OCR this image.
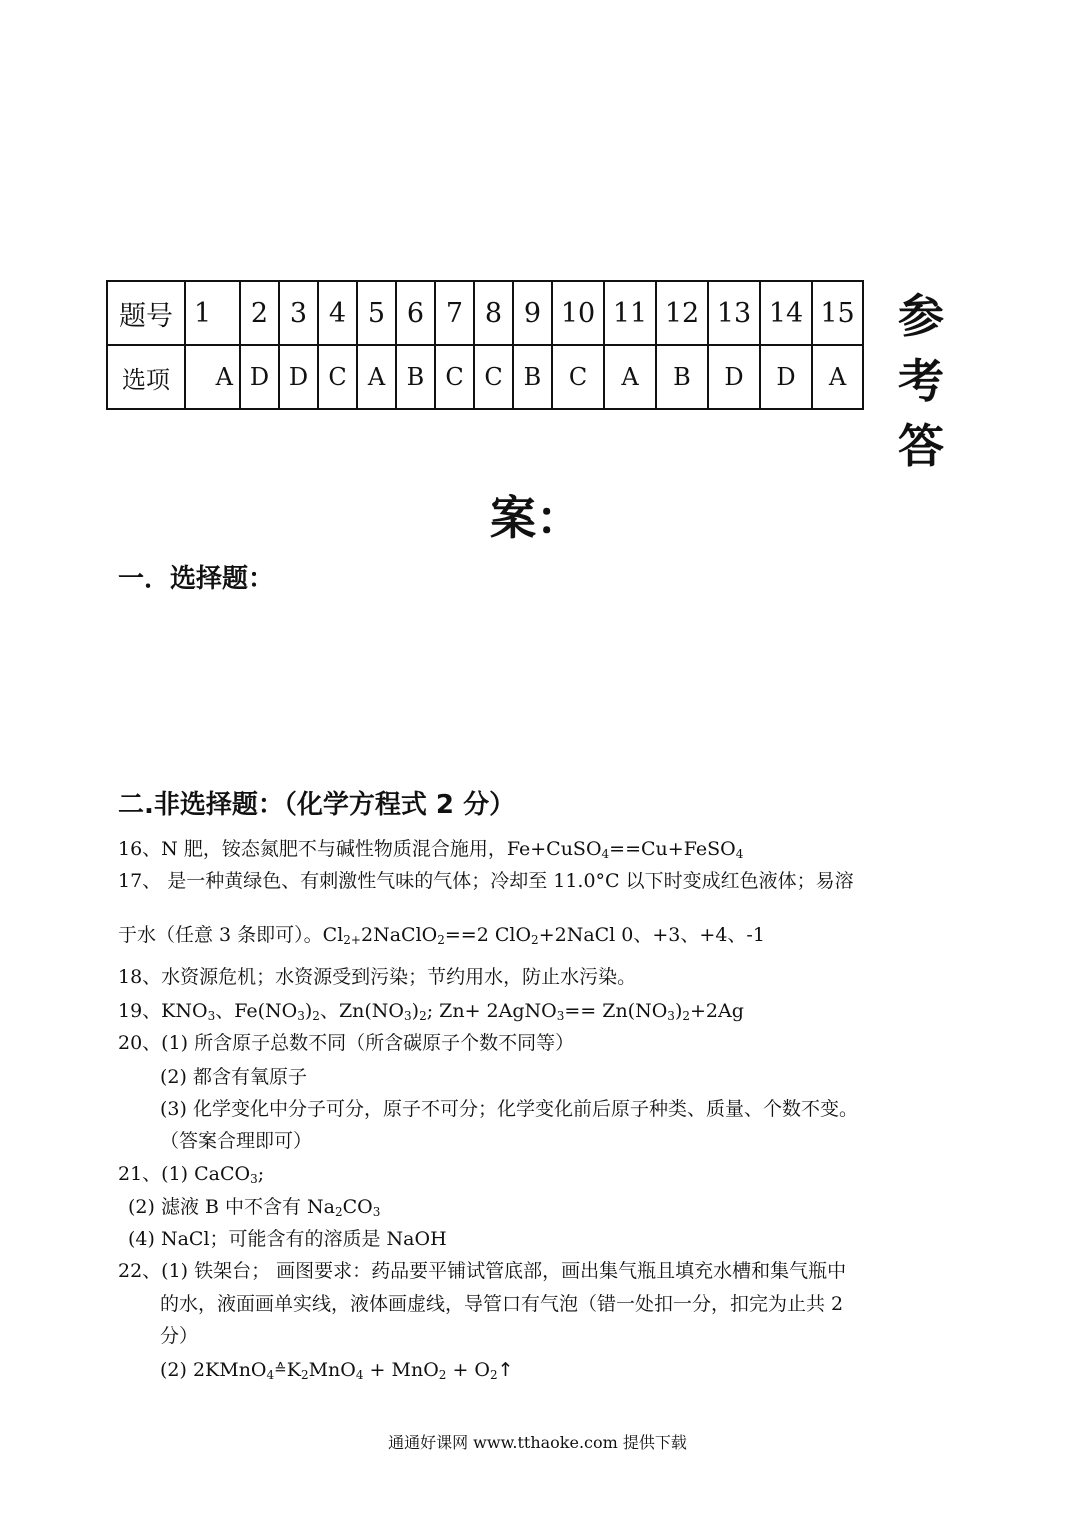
题号	1	2	3	4	5	6	7	8	9	10	11	12	13	14	15
选项	A	D	D	C	A	B	C	C	B	C	A	B	D	D	A
参
考
答
案：
一．选择题：
二.非选择题：（化学方程式 2 分）
16、N 肥，铵态氮肥不与碱性物质混合施用，Fe+CuSO$_4$==Cu+FeSO$_4$
17、 是一种黄绿色、有刺激性气味的气体；冷却至 11.0°C 以下时变成红色液体；易溶
于水（任意 3 条即可）。$Cl_{2+}2NaClO_2==2$ ClO$_2$+2NaCl 0、+3、+4、-1
18、水资源危机；水资源受到污染；节约用水，防止水污染。
19、$KNO_3$、$Fe(NO_3)_2$、$Zn(NO_3)_2$; Zn+ 2AgNO$_3$== $Zn(NO_3)_2+2Ag$
20、(1) 所含原子总数不同（所含碳原子个数不同等）
(2) 都含有氧原子
(3) 化学变化中分子可分，原子不可分；化学变化前后原子种类、质量、个数不变。
（答案合理即可）
21、(1) CaCO$_3$;
(2) 滤液 B 中不含有 $Na_2CO_3$
(4) NaCl；可能含有的溶质是 NaOH
22、(1) 铁架台； 画图要求：药品要平铺试管底部，画出集气瓶且填充水槽和集气瓶中
的水，液面画单实线，液体画虚线，导管口有气泡（错一处扣一分，扣完为止共 2
分）
(2) $2KMnO_4≙K_2MnO_4 + MnO_2$ + $O_2↑$
通通好课网 www.tthaoke.com 提供下载
